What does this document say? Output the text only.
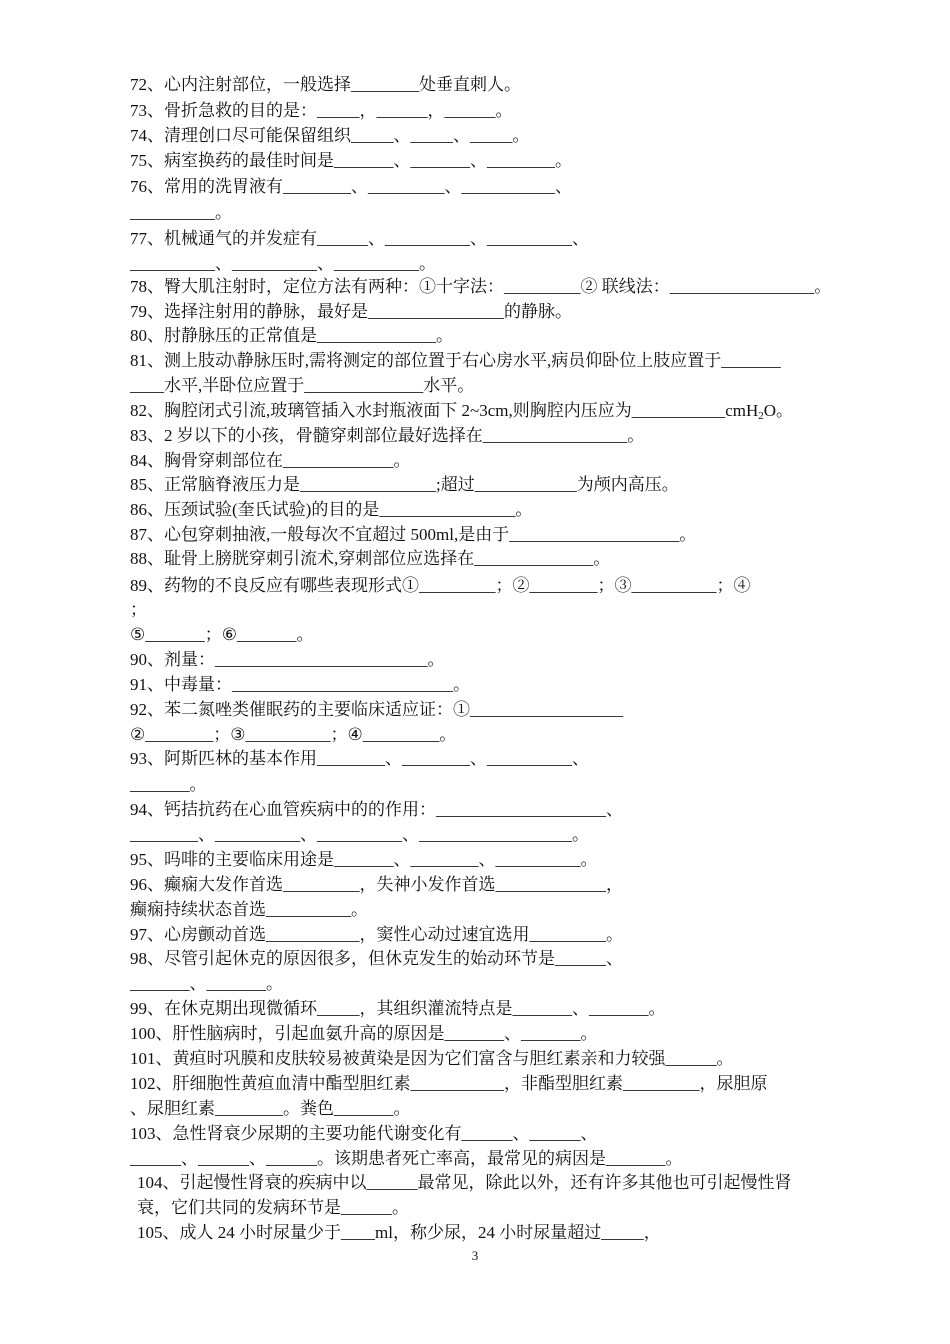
72、心内注射部位，一般选择________处垂直刺人。
73、骨折急救的目的是：_____，______，______。
74、清理创口尽可能保留组织_____、_____、_____。
75、病室换药的最佳时间是_______、_______、________。
76、常用的洗胃液有________、_________、___________、
__________。
77、机械通气的并发症有______、__________、__________、
__________、__________、__________。
78、臀大肌注射时，定位方法有两种：①十字法：_________② 联线法：_________________。
79、选择注射用的静脉，最好是________________的静脉。
80、肘静脉压的正常值是______________。
81、测上肢动\静脉压时,需将测定的部位置于右心房水平,病员仰卧位上肢应置于_______
____水平,半卧位应置于______________水平。
82、胸腔闭式引流,玻璃管插入水封瓶液面下 2~3cm,则胸腔内压应为___________cmH$_2$O。
83、2 岁以下的小孩，骨髓穿刺部位最好选择在_________________。
84、胸骨穿刺部位在_____________。
85、正常脑脊液压力是________________;超过____________为颅内高压。
86、压颈试验(奎氏试验)的目的是________________。
87、心包穿刺抽液,一般每次不宜超过 500ml,是由于____________________。
88、耻骨上膀胱穿刺引流术,穿刺部位应选择在______________。
89、药物的不良反应有哪些表现形式①_________；②________；③__________；④
；
⑤_______；⑥_______。
90、剂量：_________________________。
91、中毒量：__________________________。
92、苯二氮唑类催眠药的主要临床适应证：①__________________
②________；③__________；④_________。
93、阿斯匹林的基本作用________、________、__________、
_______。
94、钙拮抗药在心血管疾病中的的作用：____________________、
________、__________、__________、__________________。
95、吗啡的主要临床用途是_______、________、__________。
96、癫痫大发作首选_________，失神小发作首选_____________，
癫痫持续状态首选__________。
97、心房颤动首选___________，窦性心动过速宜选用_________。
98、尽管引起休克的原因很多，但休克发生的始动环节是______、
_______、_______。
99、在休克期出现微循环_____，其组织灌流特点是_______、_______。
100、肝性脑病时，引起血氨升高的原因是_______、_______。
101、黄疸时巩膜和皮肤较易被黄染是因为它们富含与胆红素亲和力较强______。
102、肝细胞性黄疸血清中酯型胆红素___________，非酯型胆红素_________，尿胆原
、尿胆红素________。粪色_______。
103、急性肾衰少尿期的主要功能代谢变化有______、______、
______、______、______。该期患者死亡率高，最常见的病因是_______。
104、引起慢性肾衰的疾病中以______最常见，除此以外，还有许多其他也可引起慢性肾
衰，它们共同的发病环节是______。
105、成人 24 小时尿量少于____ml，称少尿，24 小时尿量超过_____，
3
